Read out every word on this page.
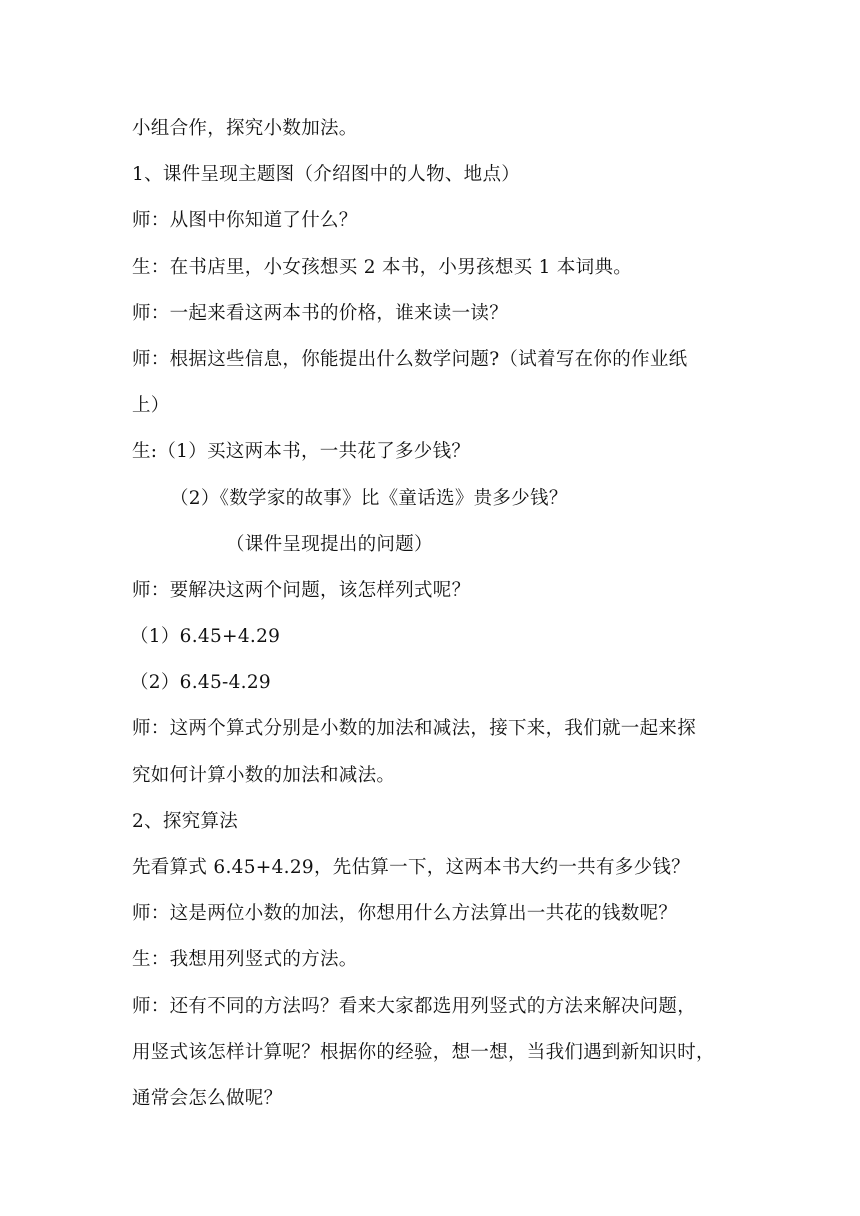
小组合作，探究小数加法。
1、课件呈现主题图（介绍图中的人物、地点）
师：从图中你知道了什么？
生：在书店里，小女孩想买 2 本书，小男孩想买 1 本词典。
师：一起来看这两本书的价格，谁来读一读？
师：根据这些信息，你能提出什么数学问题?（试着写在你的作业纸
上）
生:（1）买这两本书，一共花了多少钱？
（2）《数学家的故事》比《童话选》贵多少钱？
（课件呈现提出的问题）
师：要解决这两个问题，该怎样列式呢？
（1）6.45+4.29
（2）6.45-4.29
师：这两个算式分别是小数的加法和减法，接下来，我们就一起来探
究如何计算小数的加法和减法。
2、探究算法
先看算式 6.45+4.29，先估算一下，这两本书大约一共有多少钱？
师：这是两位小数的加法，你想用什么方法算出一共花的钱数呢？
生：我想用列竖式的方法。
师：还有不同的方法吗？看来大家都选用列竖式的方法来解决问题，
用竖式该怎样计算呢？根据你的经验，想一想，当我们遇到新知识时，
通常会怎么做呢？
